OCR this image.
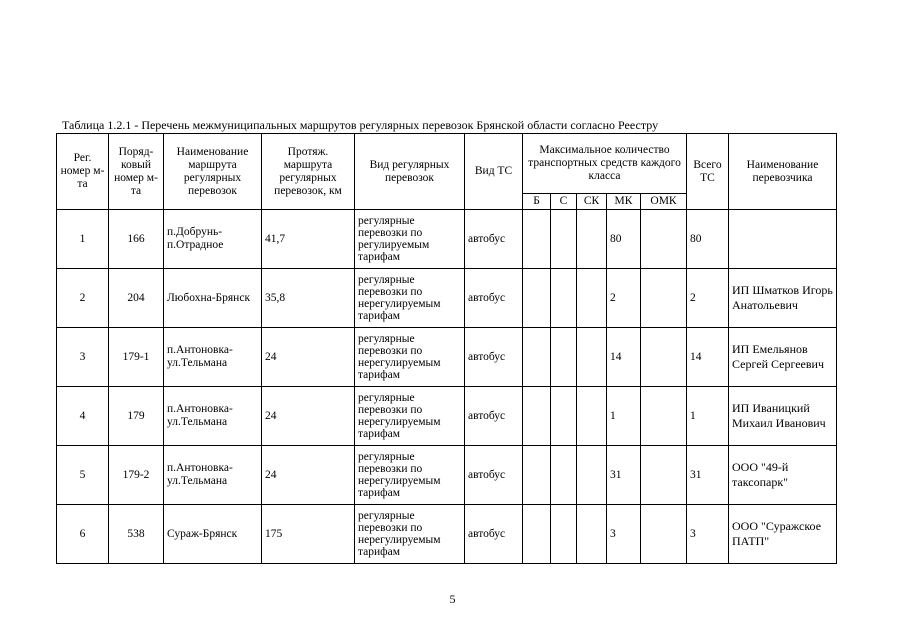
Таблица 1.2.1 - Перечень межмуниципальных маршрутов регулярных перевозок Брянской области согласно Реестру
Рег. номер м-та	Поряд-ковый номер м-та	Наименование маршрута регулярных перевозок	Протяж. маршрута регулярных перевозок, км	Вид регулярных перевозок	Вид ТС	Максимальное количество транспортных средств каждого класса					Всего ТС	Наименование перевозчика
						Б	С	СК	МК	ОМК		
1	166	п.Добрунь-п.Отрадное	41,7	регулярные перевозки по регулируемым тарифам	автобус				80		80	
2	204	Любохна-Брянск	35,8	регулярные перевозки по нерегулируемым тарифам	автобус				2		2	ИП Шматков Игорь Анатольевич
3	179-1	п.Антоновка-ул.Тельмана	24	регулярные перевозки по нерегулируемым тарифам	автобус				14		14	ИП Емельянов Сергей Сергеевич
4	179	п.Антоновка-ул.Тельмана	24	регулярные перевозки по нерегулируемым тарифам	автобус				1		1	ИП Иваницкий Михаил Иванович
5	179-2	п.Антоновка-ул.Тельмана	24	регулярные перевозки по нерегулируемым тарифам	автобус				31		31	ООО "49-й таксопарк"
6	538	Сураж-Брянск	175	регулярные перевозки по нерегулируемым тарифам	автобус				3		3	ООО "Суражское ПАТП"
5
